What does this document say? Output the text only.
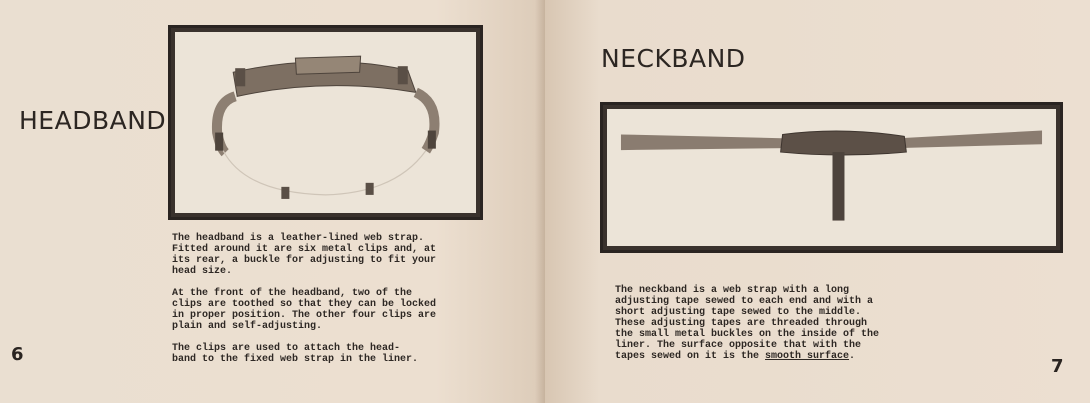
HEADBAND

The headband is a leather-lined web strap.
Fitted around it are six metal clips and, at
its rear, a buckle for adjusting to fit your
head size.

At the front of the headband, two of the
clips are toothed so that they can be locked
in proper position. The other four clips are
plain and self-adjusting.

The clips are used to attach the head-
band to the fixed web strap in the liner.

6
NECKBAND

The neckband is a web strap with a long
adjusting tape sewed to each end and with a
short adjusting tape sewed to the middle.
These adjusting tapes are threaded through
the small metal buckles on the inside of the
liner. The surface opposite that with the
tapes sewed on it is the smooth surface.	7
